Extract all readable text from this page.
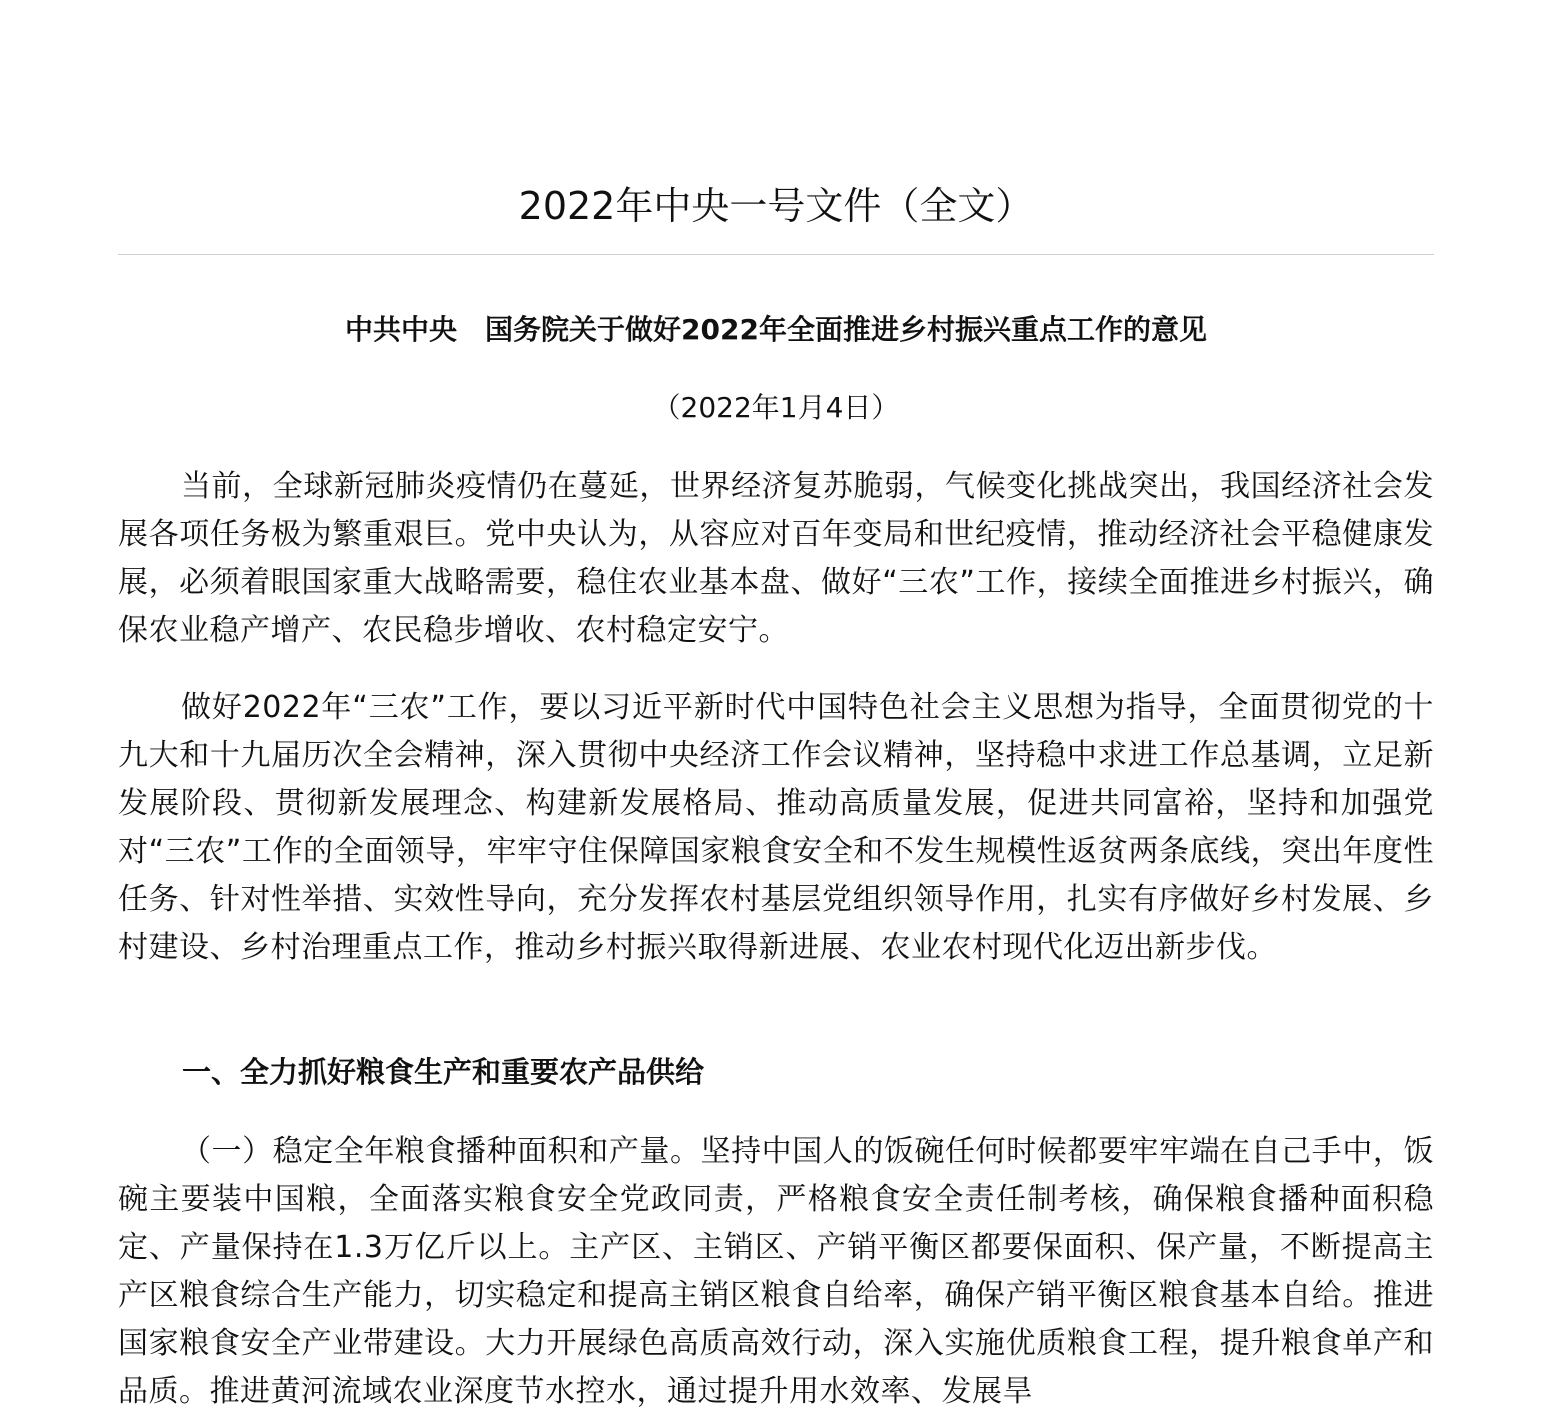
2022年中央一号文件（全文）
中共中央　国务院关于做好2022年全面推进乡村振兴重点工作的意见

（2022年1月4日）

当前，全球新冠肺炎疫情仍在蔓延，世界经济复苏脆弱，气候变化挑战突出，我国经济社会发展各项任务极为繁重艰巨。党中央认为，从容应对百年变局和世纪疫情，推动经济社会平稳健康发展，必须着眼国家重大战略需要，稳住农业基本盘、做好“三农”工作，接续全面推进乡村振兴，确保农业稳产增产、农民稳步增收、农村稳定安宁。

做好2022年“三农”工作，要以习近平新时代中国特色社会主义思想为指导，全面贯彻党的十九大和十九届历次全会精神，深入贯彻中央经济工作会议精神，坚持稳中求进工作总基调，立足新发展阶段、贯彻新发展理念、构建新发展格局、推动高质量发展，促进共同富裕，坚持和加强党对“三农”工作的全面领导，牢牢守住保障国家粮食安全和不发生规模性返贫两条底线，突出年度性任务、针对性举措、实效性导向，充分发挥农村基层党组织领导作用，扎实有序做好乡村发展、乡村建设、乡村治理重点工作，推动乡村振兴取得新进展、农业农村现代化迈出新步伐。

一、全力抓好粮食生产和重要农产品供给

（一）稳定全年粮食播种面积和产量。坚持中国人的饭碗任何时候都要牢牢端在自己手中，饭碗主要装中国粮，全面落实粮食安全党政同责，严格粮食安全责任制考核，确保粮食播种面积稳定、产量保持在1.3万亿斤以上。主产区、主销区、产销平衡区都要保面积、保产量，不断提高主产区粮食综合生产能力，切实稳定和提高主销区粮食自给率，确保产销平衡区粮食基本自给。推进国家粮食安全产业带建设。大力开展绿色高质高效行动，深入实施优质粮食工程，提升粮食单产和品质。推进黄河流域农业深度节水控水，通过提升用水效率、发展旱
